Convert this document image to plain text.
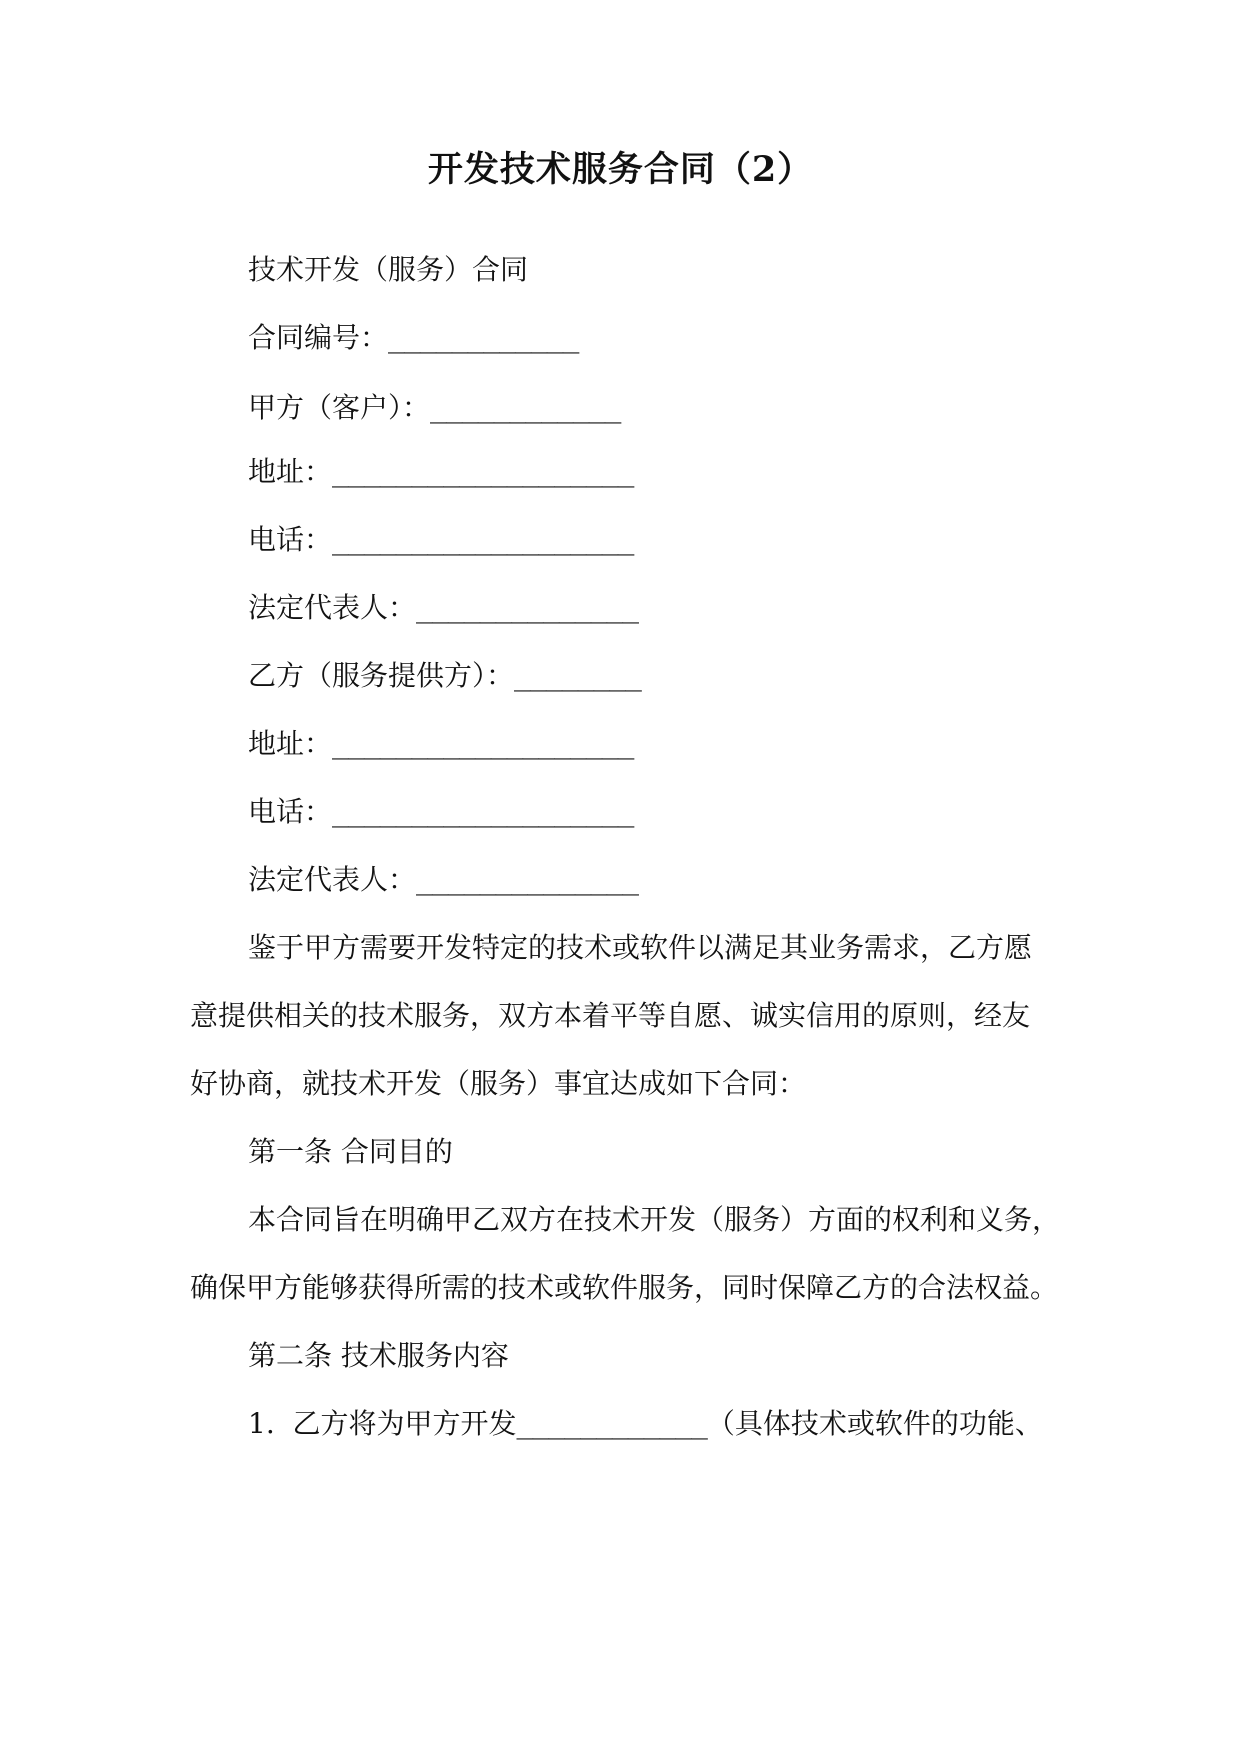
开发技术服务合同（2）
技术开发（服务）合同
合同编号：____________
甲方（客户）：____________
地址：___________________
电话：___________________
法定代表人：______________
乙方（服务提供方）：________
地址：___________________
电话：___________________
法定代表人：______________
鉴于甲方需要开发特定的技术或软件以满足其业务需求，乙方愿
意提供相关的技术服务，双方本着平等自愿、诚实信用的原则，经友
好协商，就技术开发（服务）事宜达成如下合同：
第一条 合同目的
本合同旨在明确甲乙双方在技术开发（服务）方面的权利和义务，
确保甲方能够获得所需的技术或软件服务，同时保障乙方的合法权益。
第二条 技术服务内容
1. 乙方将为甲方开发____________（具体技术或软件的功能、
